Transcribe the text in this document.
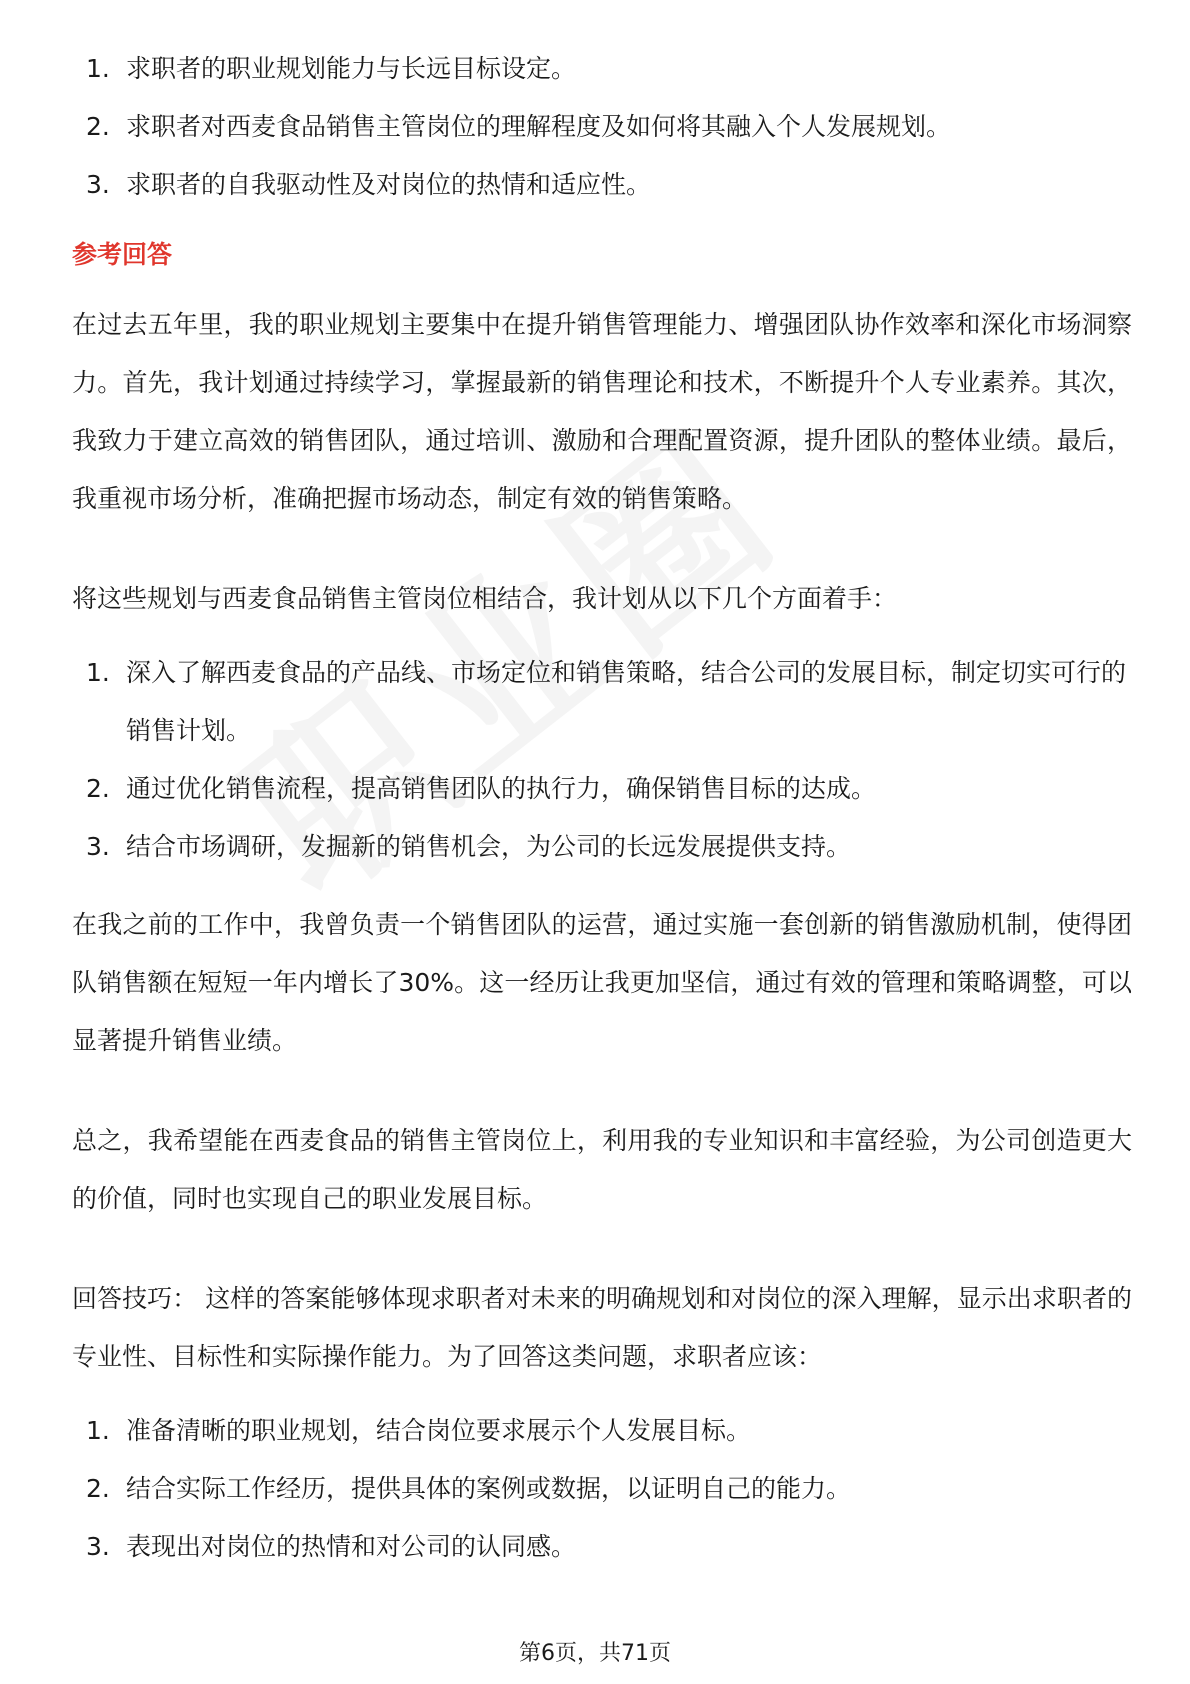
1. 求职者的职业规划能力与长远目标设定。
2. 求职者对西麦食品销售主管岗位的理解程度及如何将其融入个人发展规划。
3. 求职者的自我驱动性及对岗位的热情和适应性。
参考回答

在过去五年里，我的职业规划主要集中在提升销售管理能力、增强团队协作效率和深化市场洞察力。首先，我计划通过持续学习，掌握最新的销售理论和技术，不断提升个人专业素养。其次，我致力于建立高效的销售团队，通过培训、激励和合理配置资源，提升团队的整体业绩。最后，我重视市场分析，准确把握市场动态，制定有效的销售策略。

将这些规划与西麦食品销售主管岗位相结合，我计划从以下几个方面着手：

1. 深入了解西麦食品的产品线、市场定位和销售策略，结合公司的发展目标，制定切实可行的销售计划。
2. 通过优化销售流程，提高销售团队的执行力，确保销售目标的达成。
3. 结合市场调研，发掘新的销售机会，为公司的长远发展提供支持。

在我之前的工作中，我曾负责一个销售团队的运营，通过实施一套创新的销售激励机制，使得团队销售额在短短一年内增长了30%。这一经历让我更加坚信，通过有效的管理和策略调整，可以显著提升销售业绩。

总之，我希望能在西麦食品的销售主管岗位上，利用我的专业知识和丰富经验，为公司创造更大的价值，同时也实现自己的职业发展目标。

回答技巧： 这样的答案能够体现求职者对未来的明确规划和对岗位的深入理解，显示出求职者的专业性、目标性和实际操作能力。为了回答这类问题，求职者应该：

1. 准备清晰的职业规划，结合岗位要求展示个人发展目标。
2. 结合实际工作经历，提供具体的案例或数据，以证明自己的能力。
3. 表现出对岗位的热情和对公司的认同感。
第6页，共71页
